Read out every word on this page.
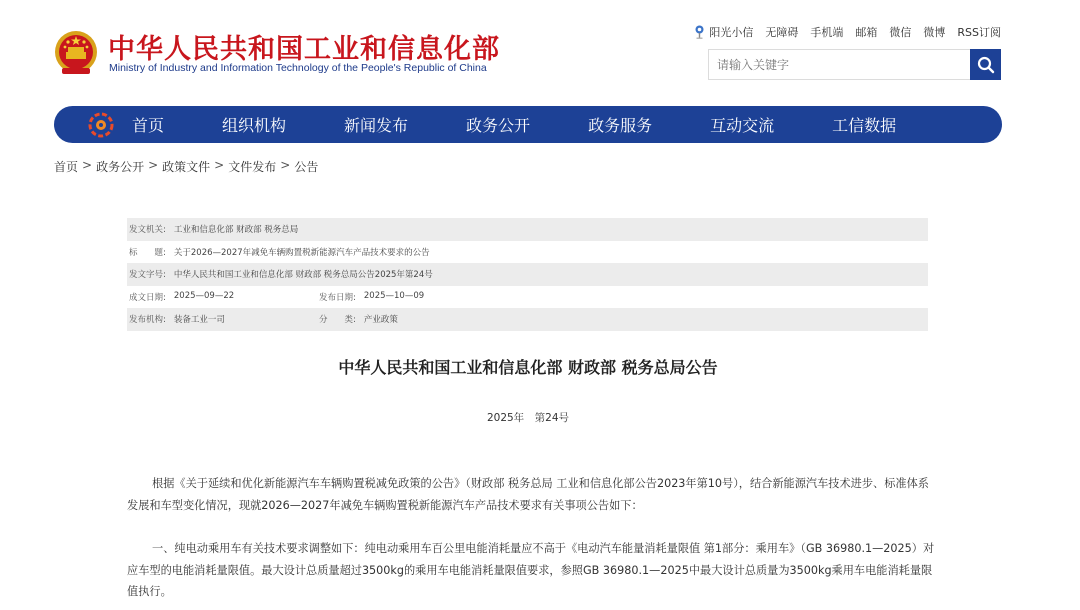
中华人民共和国工业和信息化部
Ministry of Industry and Information Technology of the People's Republic of China
阳光小信 无障碍 手机端 邮箱 微信 微博 RSS订阅
请输入关键字
首页	组织机构	新闻发布	政务公开	政务服务	互动交流	工信数据
首页 > 政务公开 > 政策文件 > 文件发布 > 公告
发文机关: 工业和信息化部 财政部 税务总局
标　　题: 关于2026—2027年减免车辆购置税新能源汽车产品技术要求的公告
发文字号: 中华人民共和国工业和信息化部 财政部 税务总局公告2025年第24号
成文日期: 2025—09—22	发布日期: 2025—10—09
发布机构: 装备工业一司	分　　类: 产业政策
中华人民共和国工业和信息化部 财政部 税务总局公告
2025年　第24号

根据《关于延续和优化新能源汽车车辆购置税减免政策的公告》（财政部 税务总局 工业和信息化部公告2023年第10号），结合新能源汽车技术进步、标准体系发展和车型变化情况，现就2026—2027年减免车辆购置税新能源汽车产品技术要求有关事项公告如下：

一、纯电动乘用车有关技术要求调整如下：纯电动乘用车百公里电能消耗量应不高于《电动汽车能量消耗量限值 第1部分：乘用车》（GB 36980.1—2025）对应车型的电能消耗量限值。最大设计总质量超过3500kg的乘用车电能消耗量限值要求，参照GB 36980.1—2025中最大设计总质量为3500kg乘用车电能消耗量限值执行。
